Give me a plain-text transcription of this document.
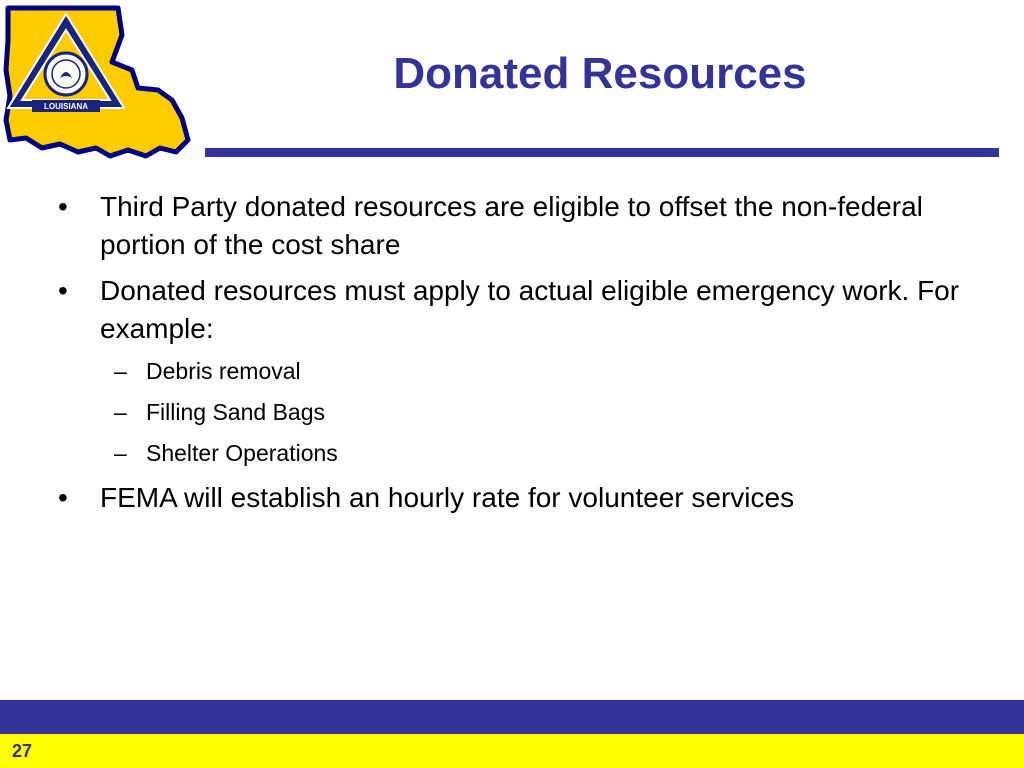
LOUISIANA
Donated Resources
• Third Party donated resources are eligible to offset the non-federal portion of the cost share
• Donated resources must apply to actual eligible emergency work. For example:
– Debris removal
– Filling Sand Bags
– Shelter Operations
• FEMA will establish an hourly rate for volunteer services
27
